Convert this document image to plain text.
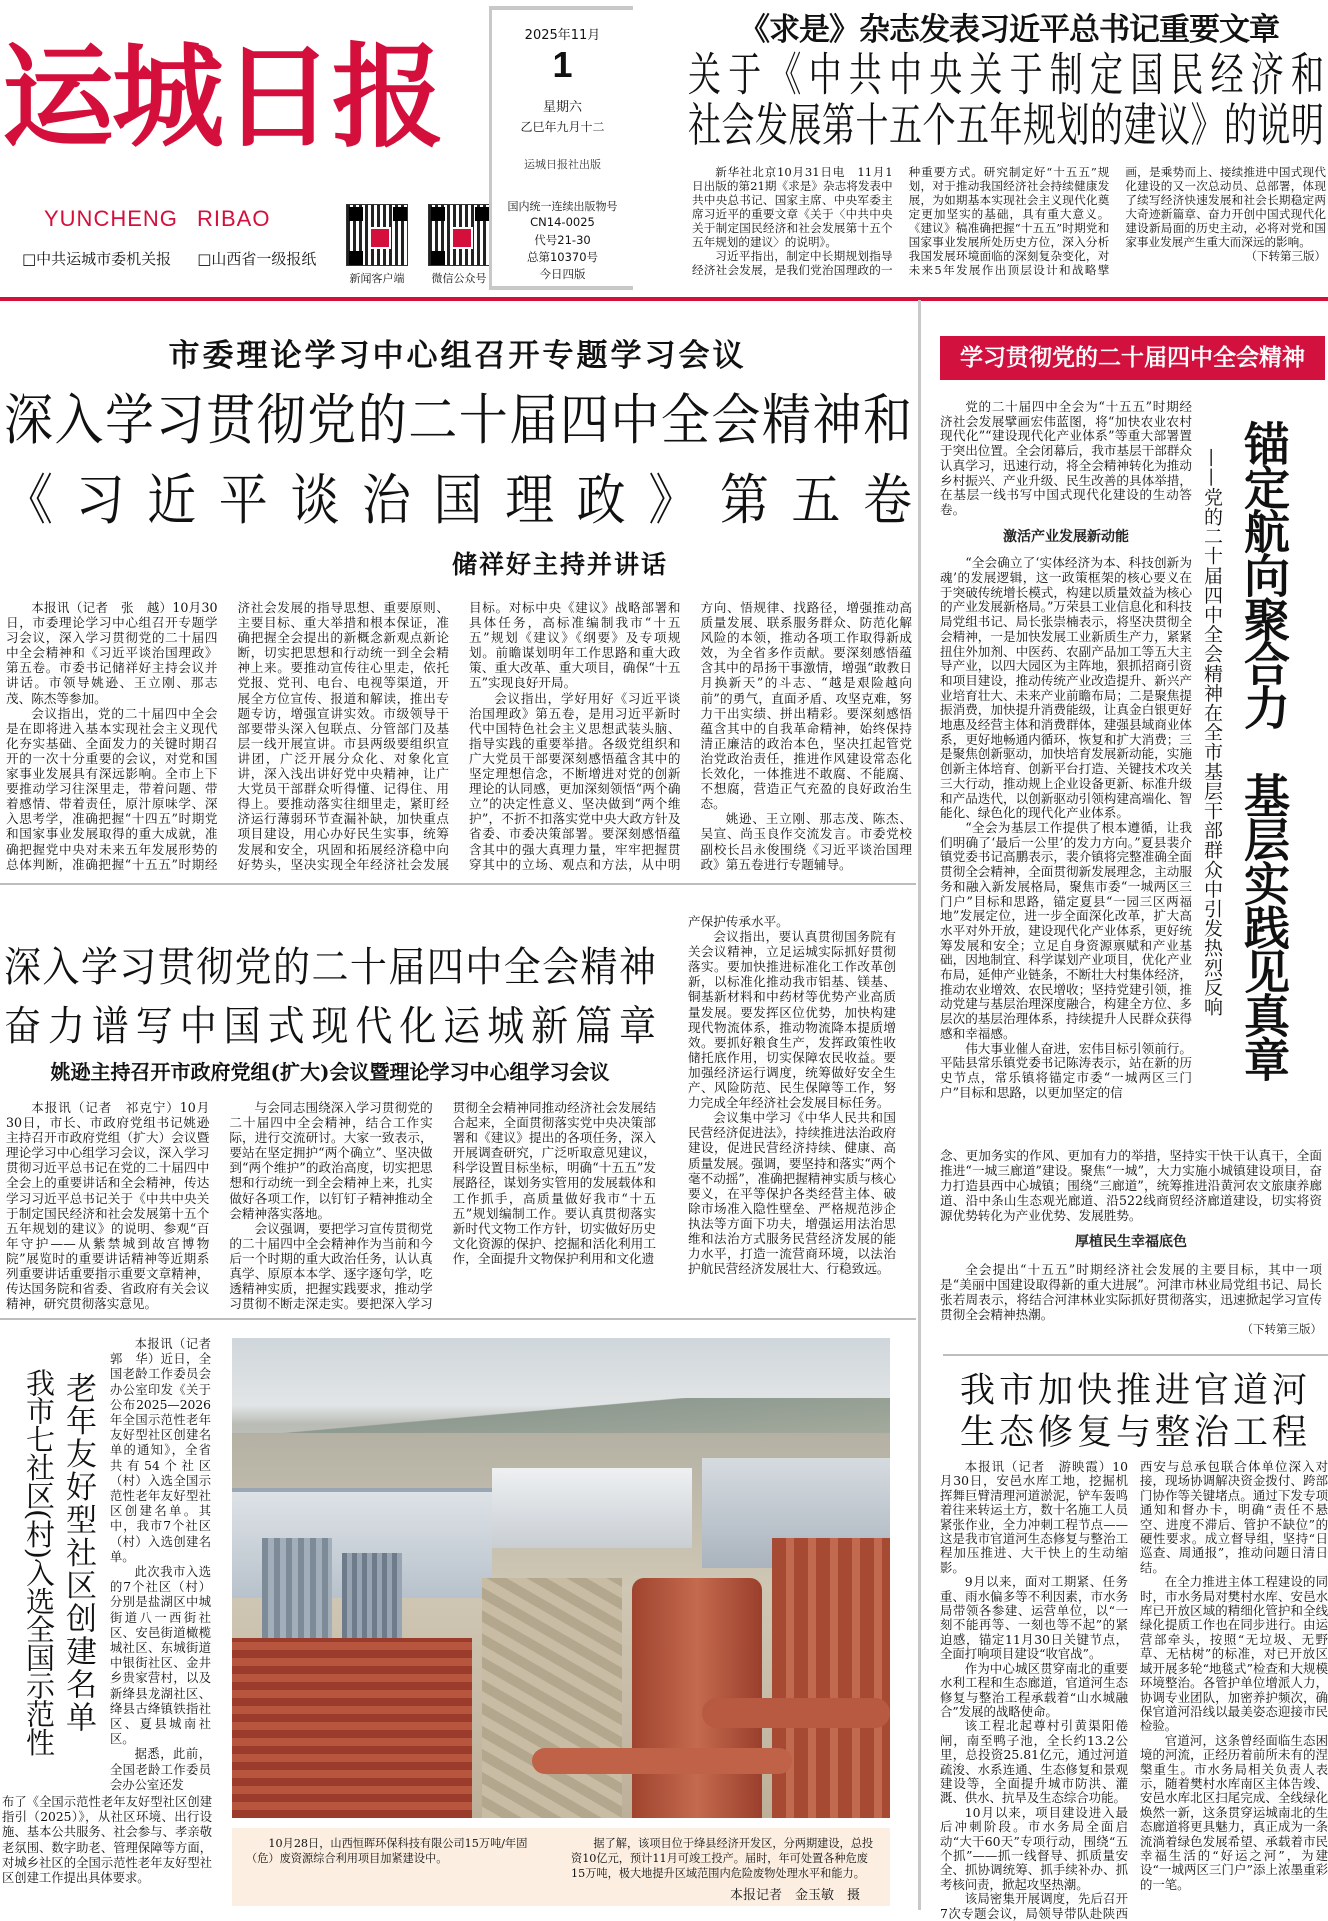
运城日报
YUNCHENG RIBAO
□中共运城市委机关报 □山西省一级报纸
新闻客户端	微信公众号
2025年11月
1
星期六
乙巳年九月十二
运城日报社出版
国内统一连续出版物号
CN14-0025
代号21-30
总第10370号
今日四版
《求是》杂志发表习近平总书记重要文章
关于《中共中央关于制定国民经济和
社会发展第十五个五年规划的建议》的说明

新华社北京10月31日电　11月1日出版的第21期《求是》杂志将发表中共中央总书记、国家主席、中央军委主席习近平的重要文章《关于〈中共中央关于制定国民经济和社会发展第十五个五年规划的建议〉的说明》。

习近平指出，制定中长期规划指导经济社会发展，是我们党治国理政的一种重要方式。研究制定好“十五五”规划，对于推动我国经济社会持续健康发展，为如期基本实现社会主义现代化奠定更加坚实的基础，具有重大意义。《建议》稿准确把握“十五五”时期党和国家事业发展所处历史方位，深入分析我国发展环境面临的深刻复杂变化，对未来5年发展作出顶层设计和战略擘画，是乘势而上、接续推进中国式现代化建设的又一次总动员、总部署，体现了续写经济快速发展和社会长期稳定两大奇迹新篇章、奋力开创中国式现代化建设新局面的历史主动，必将对党和国家事业发展产生重大而深远的影响。

（下转第三版）

市委理论学习中心组召开专题学习会议
深入学习贯彻党的二十届四中全会精神和
《习近平谈治国理政》第五卷
储祥好主持并讲话

本报讯（记者　张　越）10月30日，市委理论学习中心组召开专题学习会议，深入学习贯彻党的二十届四中全会精神和《习近平谈治国理政》第五卷。市委书记储祥好主持会议并讲话。市领导姚逊、王立刚、那志茂、陈杰等参加。

会议指出，党的二十届四中全会是在即将进入基本实现社会主义现代化夯实基础、全面发力的关键时期召开的一次十分重要的会议，对党和国家事业发展具有深远影响。全市上下要推动学习往深里走，带着问题、带着感情、带着责任，原汁原味学、深入思考学，准确把握“十四五”时期党和国家事业发展取得的重大成就，准确把握党中央对未来五年发展形势的总体判断，准确把握“十五五”时期经济社会发展的指导思想、重要原则、主要目标、重大举措和根本保证，准确把握全会提出的新概念新观点新论断，切实把思想和行动统一到全会精神上来。要推动宣传往心里走，依托党报、党刊、电台、电视等渠道，开展全方位宣传、报道和解读，推出专题专访，增强宣讲实效。市级领导干部要带头深入包联点、分管部门及基层一线开展宣讲。市县两级要组织宣讲团，广泛开展分众化、对象化宣讲，深入浅出讲好党中央精神，让广大党员干部群众听得懂、记得住、用得上。要推动落实往细里走，紧盯经济运行薄弱环节查漏补缺，加快重点项目建设，用心办好民生实事，统筹发展和安全，巩固和拓展经济稳中向好势头，坚决实现全年经济社会发展目标。对标中央《建议》战略部署和具体任务，高标准编制我市“十五五”规划《建议》《纲要》及专项规划。前瞻谋划明年工作思路和重大政策、重大改革、重大项目，确保“十五五”实现良好开局。

会议指出，学好用好《习近平谈治国理政》第五卷，是用习近平新时代中国特色社会主义思想武装头脑、指导实践的重要举措。各级党组织和广大党员干部要深刻感悟蕴含其中的坚定理想信念，不断增进对党的创新理论的认同感，更加深刻领悟“两个确立”的决定性意义、坚决做到“两个维护”，不折不扣落实党中央大政方针及省委、市委决策部署。要深刻感悟蕴含其中的强大真理力量，牢牢把握贯穿其中的立场、观点和方法，从中明方向、悟规律、找路径，增强推动高质量发展、联系服务群众、防范化解风险的本领，推动各项工作取得新成效，为全省多作贡献。要深刻感悟蕴含其中的昂扬干事激情，增强“敢教日月换新天”的斗志、“越是艰险越向前”的勇气，直面矛盾、攻坚克难，努力干出实绩、拼出精彩。要深刻感悟蕴含其中的自我革命精神，始终保持清正廉洁的政治本色，坚决扛起管党治党政治责任，推进作风建设常态化长效化，一体推进不敢腐、不能腐、不想腐，营造正气充盈的良好政治生态。

姚逊、王立刚、那志茂、陈杰、吴宣、尚玉良作交流发言。市委党校副校长吕永俊围绕《习近平谈治国理政》第五卷进行专题辅导。

深入学习贯彻党的二十届四中全会精神
奋力谱写中国式现代化运城新篇章
姚逊主持召开市政府党组(扩大)会议暨理论学习中心组学习会议

本报讯（记者　祁克宁）10月30日，市长、市政府党组书记姚逊主持召开市政府党组（扩大）会议暨理论学习中心组学习会议，深入学习贯彻习近平总书记在党的二十届四中全会上的重要讲话和全会精神，传达学习习近平总书记关于《中共中央关于制定国民经济和社会发展第十五个五年规划的建议》的说明、参观“百年守护——从紫禁城到故宫博物院”展览时的重要讲话精神等近期系列重要讲话重要指示重要文章精神，传达国务院和省委、省政府有关会议精神，研究贯彻落实意见。

与会同志围绕深入学习贯彻党的二十届四中全会精神，结合工作实际，进行交流研讨。大家一致表示，要站在坚定拥护“两个确立”、坚决做到“两个维护”的政治高度，切实把思想和行动统一到全会精神上来，扎实做好各项工作，以钉钉子精神推动全会精神落实落地。

会议强调，要把学习宣传贯彻党的二十届四中全会精神作为当前和今后一个时期的重大政治任务，认认真真学、原原本本学、逐字逐句学，吃透精神实质，把握实践要求，推动学习贯彻不断走深走实。要把深入学习贯彻全会精神同推动经济社会发展结合起来，全面贯彻落实党中央决策部署和《建议》提出的各项任务，深入开展调查研究，广泛听取意见建议，科学设置目标坐标，明确“十五五”发展路径，谋划务实管用的发展载体和工作抓手，高质量做好我市“十五五”规划编制工作。要认真贯彻落实新时代文物工作方针，切实做好历史文化资源的保护、挖掘和活化利用工作，全面提升文物保护利用和文化遗

产保护传承水平。

会议指出，要认真贯彻国务院有关会议精神，立足运城实际抓好贯彻落实。要加快推进标准化工作改革创新，以标准化推动我市铝基、镁基、铜基新材料和中药材等优势产业高质量发展。要发挥区位优势，加快构建现代物流体系，推动物流降本提质增效。要抓好粮食生产，发挥政策性收储托底作用，切实保障农民收益。要加强经济运行调度，统筹做好安全生产、风险防范、民生保障等工作，努力完成全年经济社会发展目标任务。

会议集中学习《中华人民共和国民营经济促进法》，持续推进法治政府建设，促进民营经济持续、健康、高质量发展。强调，要坚持和落实“两个毫不动摇”，准确把握精神实质与核心要义，在平等保护各类经营主体、破除市场准入隐性壁垒、严格规范涉企执法等方面下功夫，增强运用法治思维和法治方式服务民营经济发展的能力水平，打造一流营商环境，以法治护航民营经济发展壮大、行稳致远。

学习贯彻党的二十届四中全会精神

党的二十届四中全会为“十五五”时期经济社会发展擘画宏伟蓝图，将“加快农业农村现代化”“建设现代化产业体系”等重大部署置于突出位置。全会闭幕后，我市基层干部群众认真学习，迅速行动，将全会精神转化为推动乡村振兴、产业升级、民生改善的具体举措，在基层一线书写中国式现代化建设的生动答卷。

激活产业发展新动能

“全会确立了‘实体经济为本、科技创新为魂’的发展逻辑，这一政策框架的核心要义在于突破传统增长模式，构建以质量效益为核心的产业发展新格局。”万荣县工业信息化和科技局党组书记、局长张崇楠表示，将坚决贯彻全会精神，一是加快发展工业新质生产力，紧紧扭住外加剂、中医药、农副产品加工等五大主导产业，以四大园区为主阵地，狠抓招商引资和项目建设，推动传统产业改造提升、新兴产业培育壮大、未来产业前瞻布局；二是聚焦提振消费，加快提升消费能级，让真金白银更好地惠及经营主体和消费群体，建强县域商业体系，更好地畅通内循环，恢复和扩大消费；三是聚焦创新驱动，加快培育发展新动能，实施创新主体培育、创新平台打造、关键技术攻关三大行动，推动规上企业设备更新、标准升级和产品迭代，以创新驱动引领构建高端化、智能化、绿色化的现代化产业体系。

“全会为基层工作提供了根本遵循，让我们明确了‘最后一公里’的发力方向。”夏县裴介镇党委书记高鹏表示，裴介镇将完整准确全面贯彻全会精神，全面贯彻新发展理念，主动服务和融入新发展格局，聚焦市委“一城两区三门户”目标和思路，锚定夏县“一园三区两福地”发展定位，进一步全面深化改革，扩大高水平对外开放，建设现代化产业体系，更好统筹发展和安全；立足自身资源禀赋和产业基础，因地制宜、科学谋划产业项目，优化产业布局，延伸产业链条，不断壮大村集体经济，推动农业增效、农民增收；坚持党建引领，推动党建与基层治理深度融合，构建全方位、多层次的基层治理体系，持续提升人民群众获得感和幸福感。

伟大事业催人奋进，宏伟目标引领前行。平陆县常乐镇党委书记陈涛表示，站在新的历史节点，常乐镇将锚定市委“一城两区三门户”目标和思路，以更加坚定的信

锚定航向聚合力　基层实践见真章
——党的二十届四中全会精神在全市基层干部群众中引发热烈反响

念、更加务实的作风、更加有力的举措，坚持实干快干认真干，全面推进“一城三廊道”建设。聚焦“一城”，大力实施小城镇建设项目，奋力打造县西中心城镇；围绕“三廊道”，统筹推进沿黄河农文旅康养廊道、沿中条山生态观光廊道、沿522线商贸经济廊道建设，切实将资源优势转化为产业优势、发展胜势。

厚植民生幸福底色

全会提出“十五五”时期经济社会发展的主要目标，其中一项是“美丽中国建设取得新的重大进展”。河津市林业局党组书记、局长张若周表示，将结合河津林业实际抓好贯彻落实，迅速掀起学习宣传贯彻全会精神热潮。

（下转第三版）

老年友好型社区创建名单
我市七社区(村)入选全国示范性

本报讯（记者　郭　华）近日，全国老龄工作委员会办公室印发《关于公布2025—2026年全国示范性老年友好型社区创建名单的通知》，全省共有54个社区（村）入选全国示范性老年友好型社区创建名单。其中，我市7个社区（村）入选创建名单。

此次我市入选的7个社区（村）分别是盐湖区中城街道八一西街社区、安邑街道橄榄城社区、东城街道中银街社区、金井乡贵家营村，以及新绛县龙湖社区、绛县古绛镇铁指社区、夏县城南社区。

据悉，此前，全国老龄工作委员会办公室还发

布了《全国示范性老年友好型社区创建指引（2025）》，从社区环境、出行设施、基本公共服务、社会参与、孝亲敬老氛围、数字助老、管理保障等方面，对城乡社区的全国示范性老年友好型社区创建工作提出具体要求。

10月28日，山西恒晖环保科技有限公司15万吨/年固（危）废资源综合利用项目加紧建设中。

据了解，该项目位于绛县经济开发区，分两期建设，总投资10亿元，预计11月可竣工投产。届时，年可处置各种危废15万吨，极大地提升区域范围内危险废物处理水平和能力。

本报记者　金玉敏　摄
我市加快推进官道河
生态修复与整治工程

本报讯（记者　游映霞）10月30日，安邑水库工地，挖掘机挥舞巨臂清理河道淤泥，铲车轰鸣着往来转运土方，数十名施工人员紧张作业，全力冲刺工程节点——这是我市官道河生态修复与整治工程加压推进、大干快上的生动缩影。

9月以来，面对工期紧、任务重、雨水偏多等不利因素，市水务局带领各参建、运营单位，以“一刻不能再等、一刻也等不起”的紧迫感，锚定11月30日关键节点，全面打响项目建设“收官战”。

作为中心城区贯穿南北的重要水利工程和生态廊道，官道河生态修复与整治工程承载着“山水城融合”发展的战略使命。

该工程北起尊村引黄渠阳倦闸，南至鸭子池，全长约13.2公里，总投资25.81亿元，通过河道疏浚、水系连通、生态修复和景观建设等，全面提升城市防洪、灌溉、供水、抗旱及生态综合功能。

10月以来，项目建设进入最后冲刺阶段。市水务局全面启动“大干60天”专项行动，围绕“五个抓”——抓一线督导、抓质量安全、抓协调统筹、抓手续补办、抓考核问责，掀起攻坚热潮。

该局密集开展调度，先后召开7次专题会议，局领导带队赴陕西西安与总承包联合体单位深入对接，现场协调解决资金拨付、跨部门协作等关键堵点。通过下发专项通知和督办卡，明确“责任不悬空、进度不滞后、管护不缺位”的硬性要求。成立督导组，坚持“日巡查、周通报”，推动问题日清日结。

在全力推进主体工程建设的同时，市水务局对樊村水库、安邑水库已开放区域的精细化管护和全线绿化提质工作也在同步进行。由运营部牵头，按照“无垃圾、无野草、无枯树”的标准，对已开放区域开展多轮“地毯式”检查和大规模环境整治。各管护单位增派人力，协调专业团队，加密养护频次，确保官道河沿线以最美姿态迎接市民检验。

官道河，这条曾经面临生态困境的河流，正经历着前所未有的涅槃重生。市水务局相关负责人表示，随着樊村水库南区主体告竣、安邑水库北区扫尾完成、全线绿化焕然一新，这条贯穿运城南北的生态廊道将更具魅力，真正成为一条流淌着绿色发展希望、承载着市民幸福生活的“好运之河”，为建设“一城两区三门户”添上浓墨重彩的一笔。
